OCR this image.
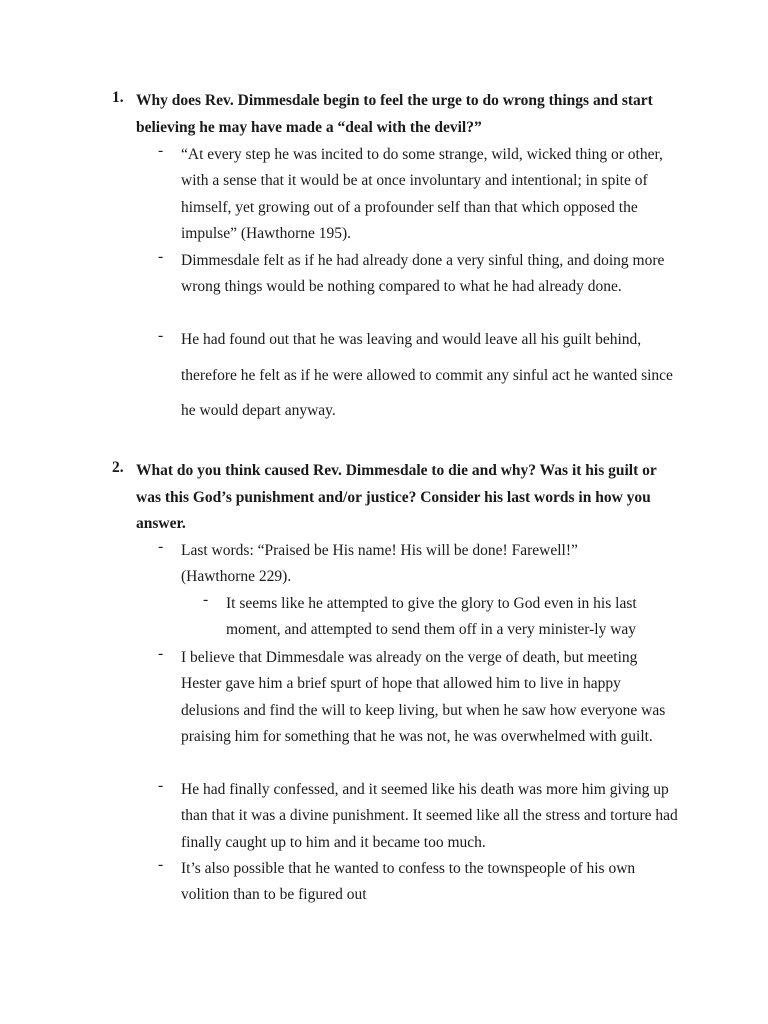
1. Why does Rev. Dimmesdale begin to feel the urge to do wrong things and start believing he may have made a “deal with the devil?”
- “At every step he was incited to do some strange, wild, wicked thing or other, with a sense that it would be at once involuntary and intentional; in spite of himself, yet growing out of a profounder self than that which opposed the impulse” (Hawthorne 195).
- Dimmesdale felt as if he had already done a very sinful thing, and doing more wrong things would be nothing compared to what he had already done.
- He had found out that he was leaving and would leave all his guilt behind, therefore he felt as if he were allowed to commit any sinful act he wanted since he would depart anyway.
2. What do you think caused Rev. Dimmesdale to die and why? Was it his guilt or was this God’s punishment and/or justice? Consider his last words in how you answer.
- Last words: “Praised be His name! His will be done! Farewell!” (Hawthorne 229).
- It seems like he attempted to give the glory to God even in his last moment, and attempted to send them off in a very minister-ly way
- I believe that Dimmesdale was already on the verge of death, but meeting Hester gave him a brief spurt of hope that allowed him to live in happy delusions and find the will to keep living, but when he saw how everyone was praising him for something that he was not, he was overwhelmed with guilt.
- He had finally confessed, and it seemed like his death was more him giving up than that it was a divine punishment. It seemed like all the stress and torture had finally caught up to him and it became too much.
- It’s also possible that he wanted to confess to the townspeople of his own volition than to be figured out
